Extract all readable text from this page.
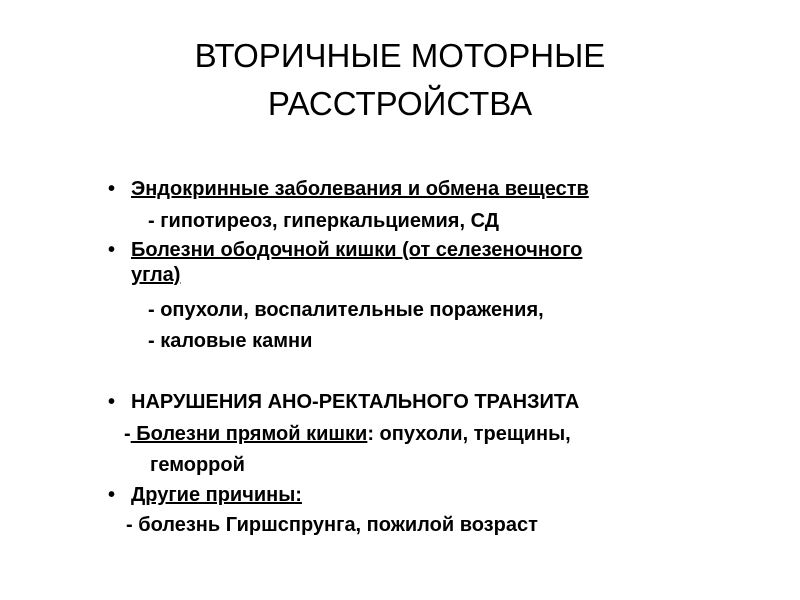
ВТОРИЧНЫЕ МОТОРНЫЕ
РАССТРОЙСТВА
• Эндокринные заболевания и обмена веществ
- гипотиреоз, гиперкальциемия, СД
• Болезни ободочной кишки (от селезеночного
угла)
- опухоли, воспалительные поражения,
- каловые камни
• НАРУШЕНИЯ АНО-РЕКТАЛЬНОГО ТРАНЗИТА
- Болезни прямой кишки: опухоли, трещины,
геморрой
• Другие причины:
- болезнь Гиршспрунга, пожилой возраст
